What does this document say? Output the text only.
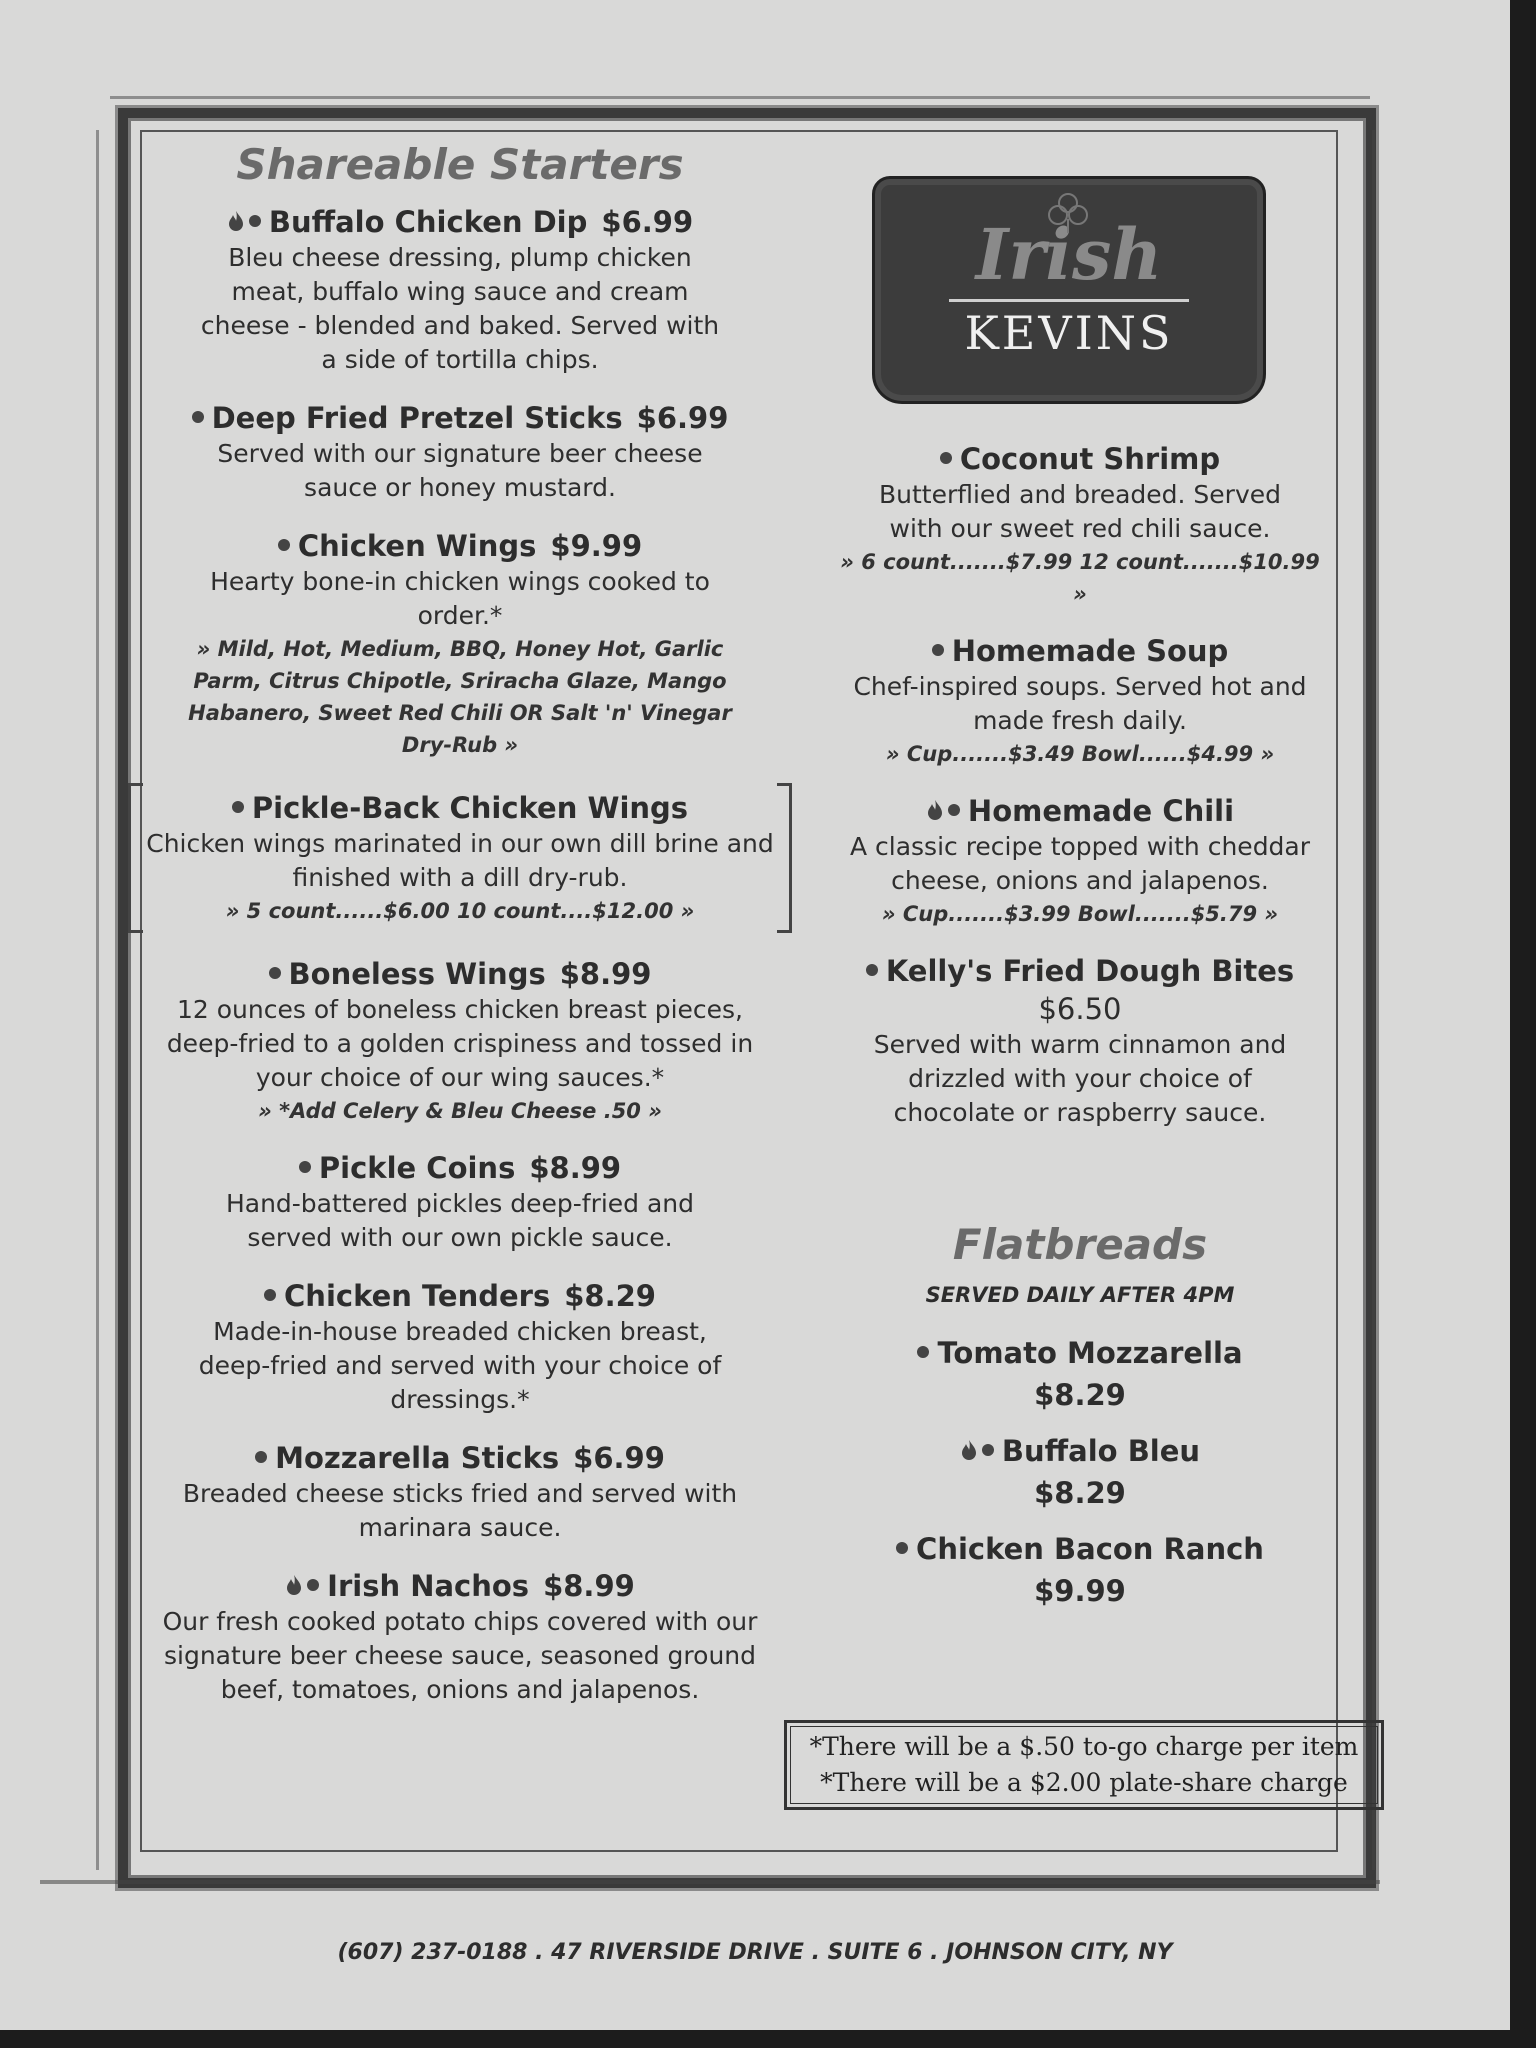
Shareable Starters
Buffalo Chicken Dip $6.99
Bleu cheese dressing, plump chicken meat, buffalo wing sauce and cream cheese - blended and baked. Served with a side of tortilla chips.
Deep Fried Pretzel Sticks $6.99
Served with our signature beer cheese sauce or honey mustard.
Chicken Wings $9.99
Hearty bone-in chicken wings cooked to order.*
» Mild, Hot, Medium, BBQ, Honey Hot, Garlic Parm, Citrus Chipotle, Sriracha Glaze, Mango Habanero, Sweet Red Chili OR Salt 'n' Vinegar Dry-Rub »
Pickle-Back Chicken Wings
Chicken wings marinated in our own dill brine and finished with a dill dry-rub.
» 5 count......$6.00 10 count....$12.00 »
Boneless Wings $8.99
12 ounces of boneless chicken breast pieces, deep-fried to a golden crispiness and tossed in your choice of our wing sauces.*
» *Add Celery & Bleu Cheese .50 »
Pickle Coins $8.99
Hand-battered pickles deep-fried and served with our own pickle sauce.
Chicken Tenders $8.29
Made-in-house breaded chicken breast, deep-fried and served with your choice of dressings.*
Mozzarella Sticks $6.99
Breaded cheese sticks fried and served with marinara sauce.
Irish Nachos $8.99
Our fresh cooked potato chips covered with our signature beer cheese sauce, seasoned ground beef, tomatoes, onions and jalapenos.
Irish
KEVINS
Coconut Shrimp
Butterflied and breaded. Served with our sweet red chili sauce.
» 6 count.......$7.99 12 count.......$10.99 »
Homemade Soup
Chef-inspired soups. Served hot and made fresh daily.
» Cup.......$3.49 Bowl......$4.99 »
Homemade Chili
A classic recipe topped with cheddar cheese, onions and jalapenos.
» Cup.......$3.99 Bowl.......$5.79 »
Kelly's Fried Dough Bites
$6.50
Served with warm cinnamon and drizzled with your choice of chocolate or raspberry sauce.
Flatbreads
SERVED DAILY AFTER 4PM
Tomato Mozzarella
$8.29
Buffalo Bleu
$8.29
Chicken Bacon Ranch
$9.99
*There will be a $.50 to-go charge per item
*There will be a $2.00 plate-share charge
(607) 237-0188 . 47 RIVERSIDE DRIVE . SUITE 6 . JOHNSON CITY, NY
